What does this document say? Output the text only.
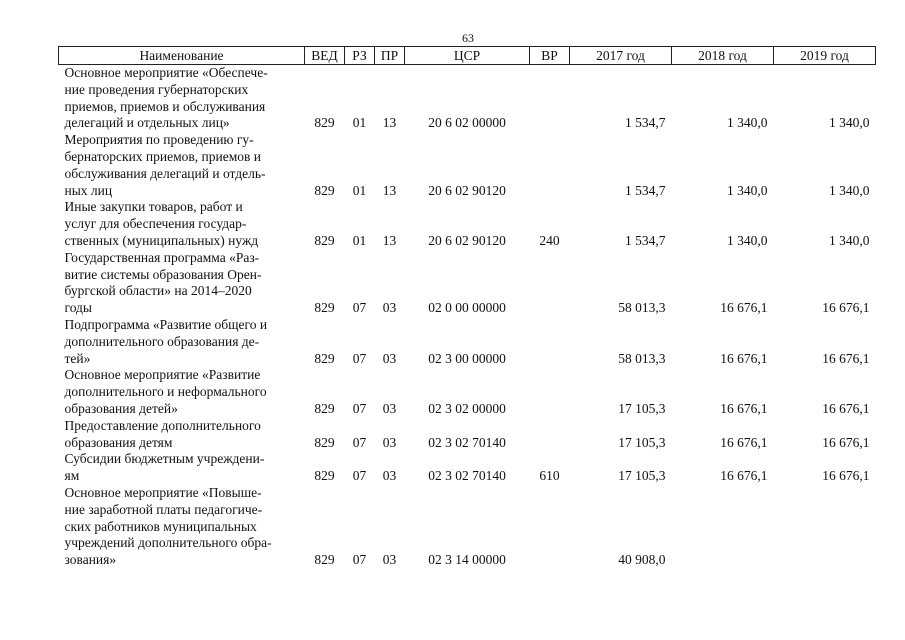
63
Наименование	ВЕД	РЗ	ПР	ЦСР	ВР	2017 год	2018 год	2019 год
Основное мероприятие «Обеспече-
ние проведения губернаторских
приемов, приемов и обслуживания
делегаций и отдельных лиц»	829	01	13	20 6 02 00000		1 534,7	1 340,0	1 340,0
Мероприятия по проведению гу-
бернаторских приемов, приемов и
обслуживания делегаций и отдель-
ных лиц	829	01	13	20 6 02 90120		1 534,7	1 340,0	1 340,0
Иные закупки товаров, работ и
услуг для обеспечения государ-
ственных (муниципальных) нужд	829	01	13	20 6 02 90120	240	1 534,7	1 340,0	1 340,0
Государственная программа «Раз-
витие системы образования Орен-
бургской области» на 2014–2020
годы	829	07	03	02 0 00 00000		58 013,3	16 676,1	16 676,1
Подпрограмма «Развитие общего и
дополнительного образования де-
тей»	829	07	03	02 3 00 00000		58 013,3	16 676,1	16 676,1
Основное мероприятие «Развитие
дополнительного и неформального
образования детей»	829	07	03	02 3 02 00000		17 105,3	16 676,1	16 676,1
Предоставление дополнительного
образования детям	829	07	03	02 3 02 70140		17 105,3	16 676,1	16 676,1
Субсидии бюджетным учреждени-
ям	829	07	03	02 3 02 70140	610	17 105,3	16 676,1	16 676,1
Основное мероприятие «Повыше-
ние заработной платы педагогиче-
ских работников муниципальных
учреждений дополнительного обра-
зования»	829	07	03	02 3 14 00000		40 908,0		
